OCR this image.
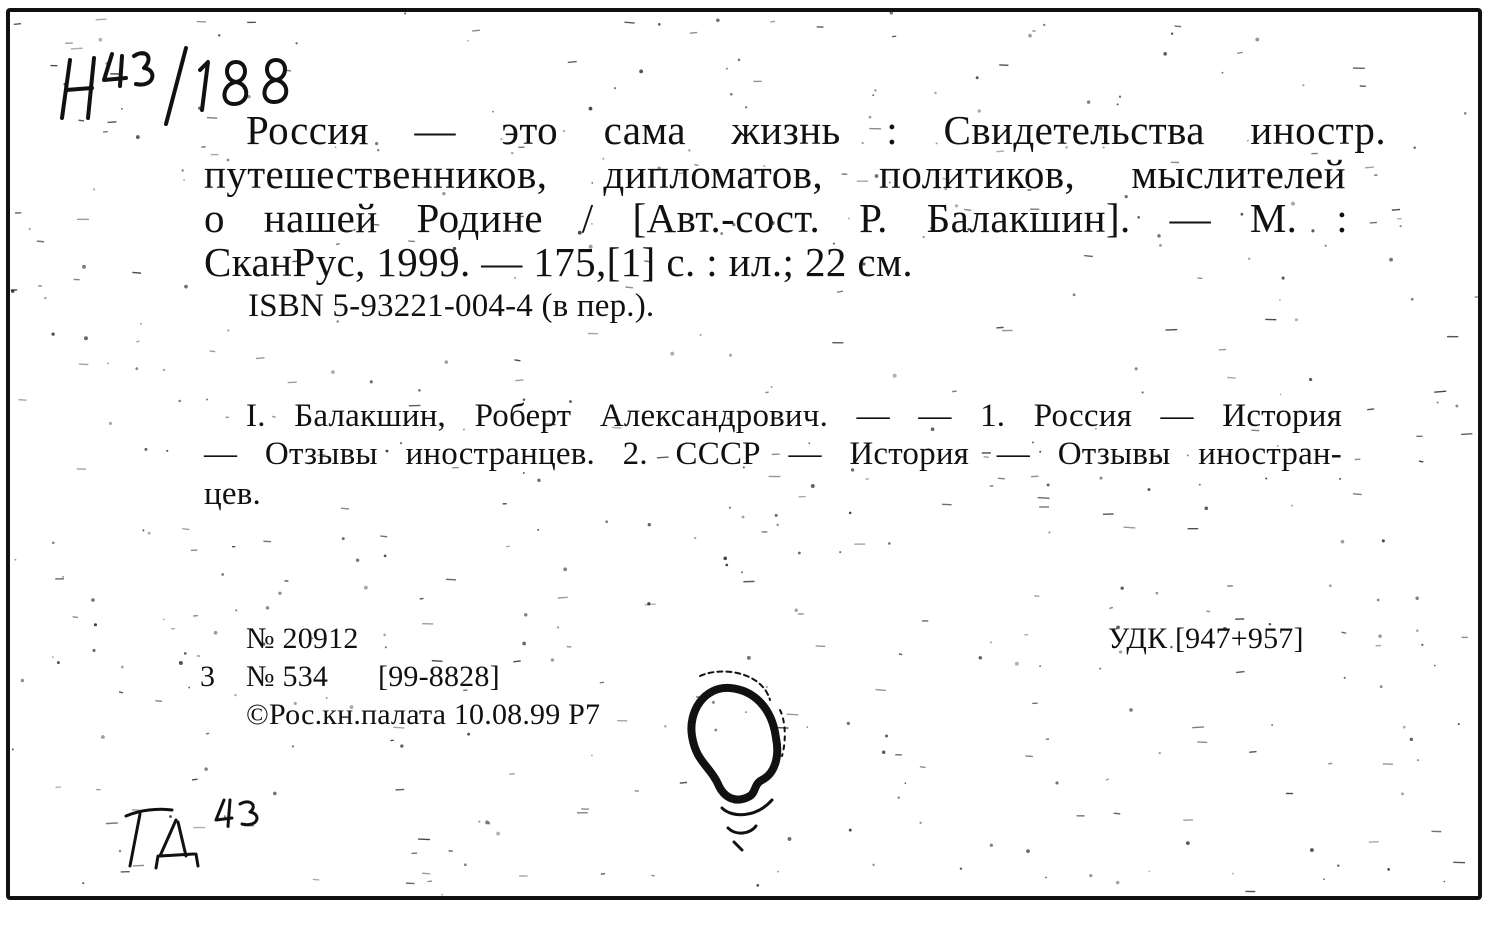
Россия — это сама жизнь : Свидетельства иностр.
путешественников, дипломатов, политиков, мыслителей
о нашей Родине / [Авт.-сост. Р. Балакшин]. — М. :
СканРус, 1999. — 175,[1] с. : ил.; 22 см.
ISBN 5-93221-004-4 (в пер.).
I. Балакшин, Роберт Александрович. — — 1. Россия — История
— Отзывы иностранцев. 2. СССР — История — Отзывы иностран-
цев.
№ 20912	УДК [947+957]
3 № 534 [99-8828]
©Рос.кн.палата 10.08.99 Р7
